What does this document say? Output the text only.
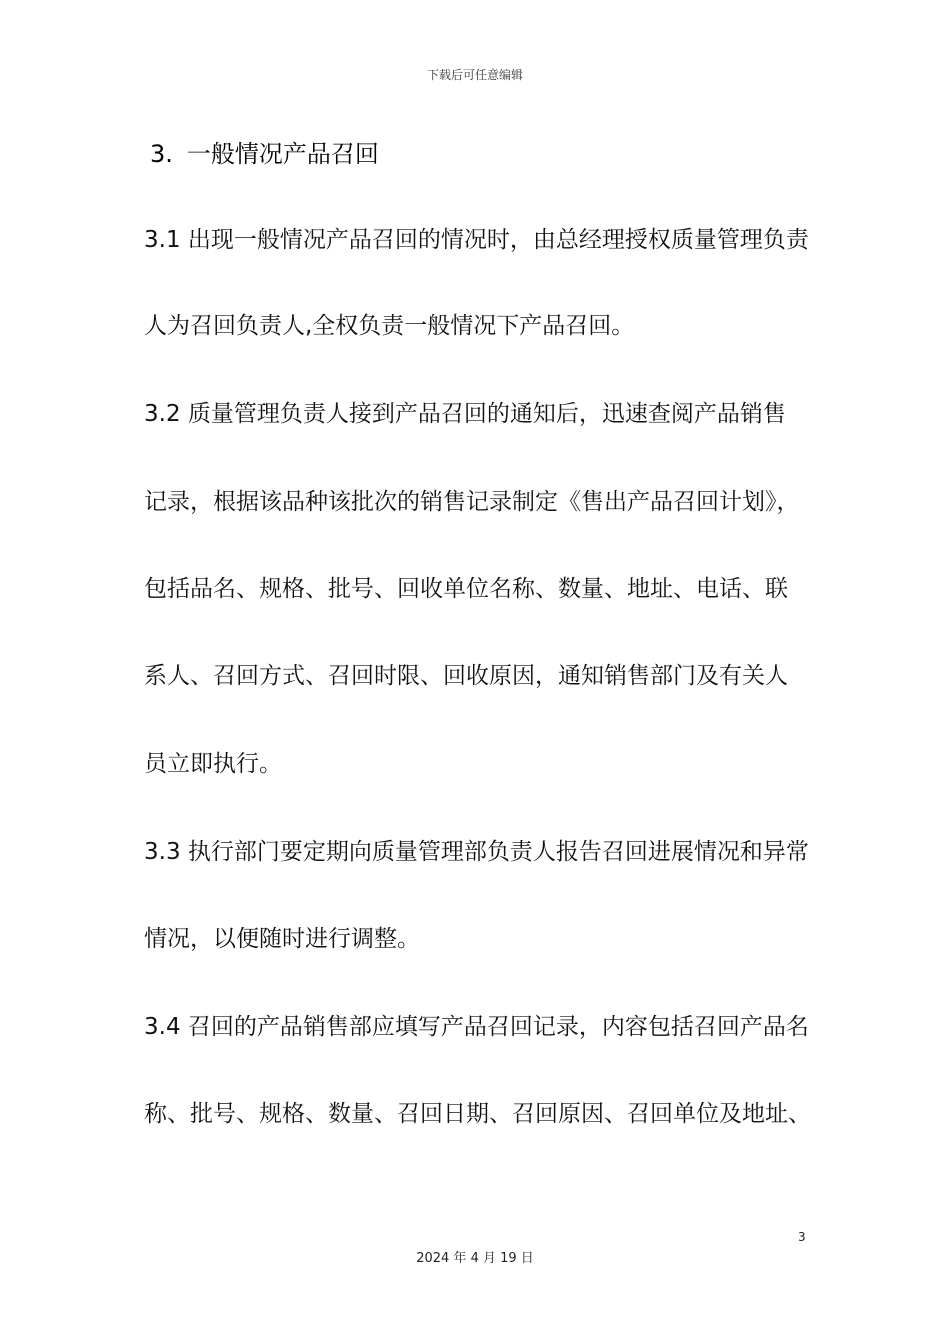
下载后可任意编辑
3. 一般情况产品召回
3.1 出现一般情况产品召回的情况时，由总经理授权质量管理负责
人为召回负责人,全权负责一般情况下产品召回。
3.2 质量管理负责人接到产品召回的通知后，迅速查阅产品销售
记录，根据该品种该批次的销售记录制定《售出产品召回计划》，
包括品名、规格、批号、回收单位名称、数量、地址、电话、联
系人、召回方式、召回时限、回收原因，通知销售部门及有关人
员立即执行。
3.3 执行部门要定期向质量管理部负责人报告召回进展情况和异常
情况，以便随时进行调整。
3.4 召回的产品销售部应填写产品召回记录，内容包括召回产品名
称、批号、规格、数量、召回日期、召回原因、召回单位及地址、
3
2024 年 4 月 19 日
